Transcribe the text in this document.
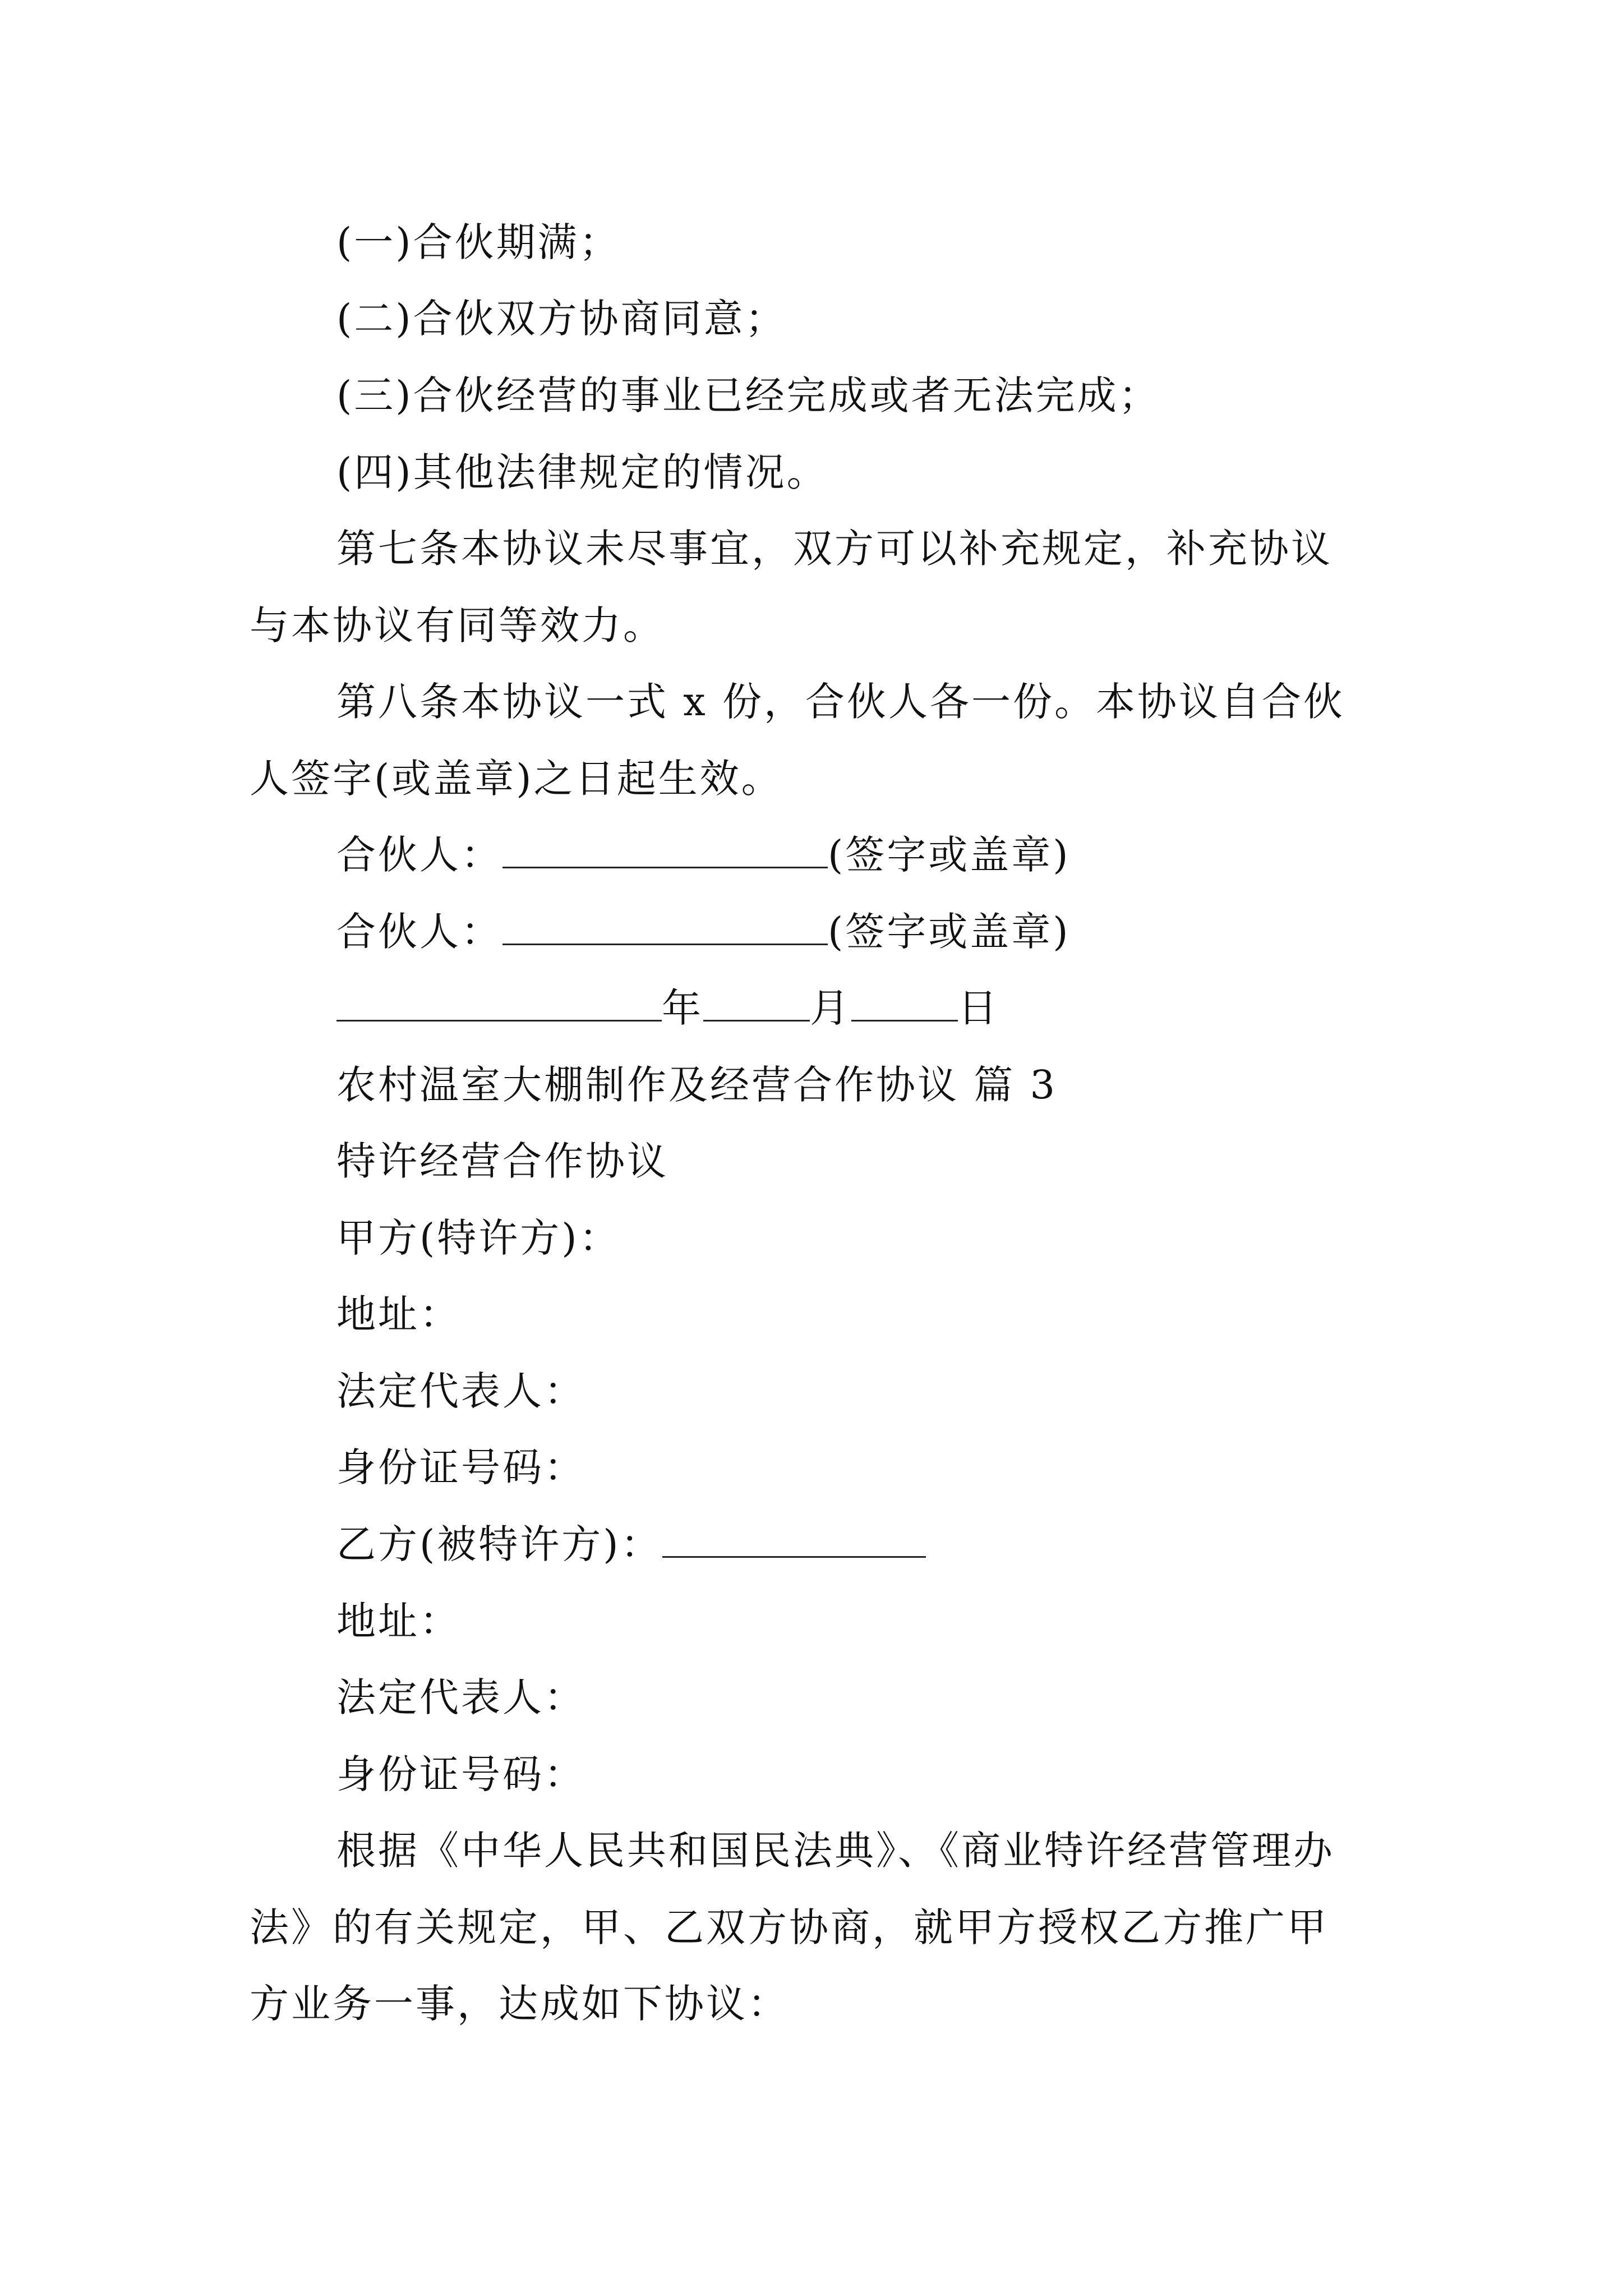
(一)合伙期满；
(二)合伙双方协商同意；
(三)合伙经营的事业已经完成或者无法完成；
(四)其他法律规定的情况。
第七条本协议未尽事宜，双方可以补充规定，补充协议
与本协议有同等效力。
第八条本协议一式 x 份，合伙人各一份。本协议自合伙
人签字(或盖章)之日起生效。
合伙人：	(签字或盖章)
合伙人：	(签字或盖章)
年	月	日
农村温室大棚制作及经营合作协议 篇 3
特许经营合作协议
甲方(特许方)：
地址：
法定代表人：
身份证号码：
乙方(被特许方)：
地址：
法定代表人：
身份证号码：
根据《中华人民共和国民法典》、《商业特许经营管理办
法》的有关规定，甲、乙双方协商，就甲方授权乙方推广甲
方业务一事，达成如下协议：
